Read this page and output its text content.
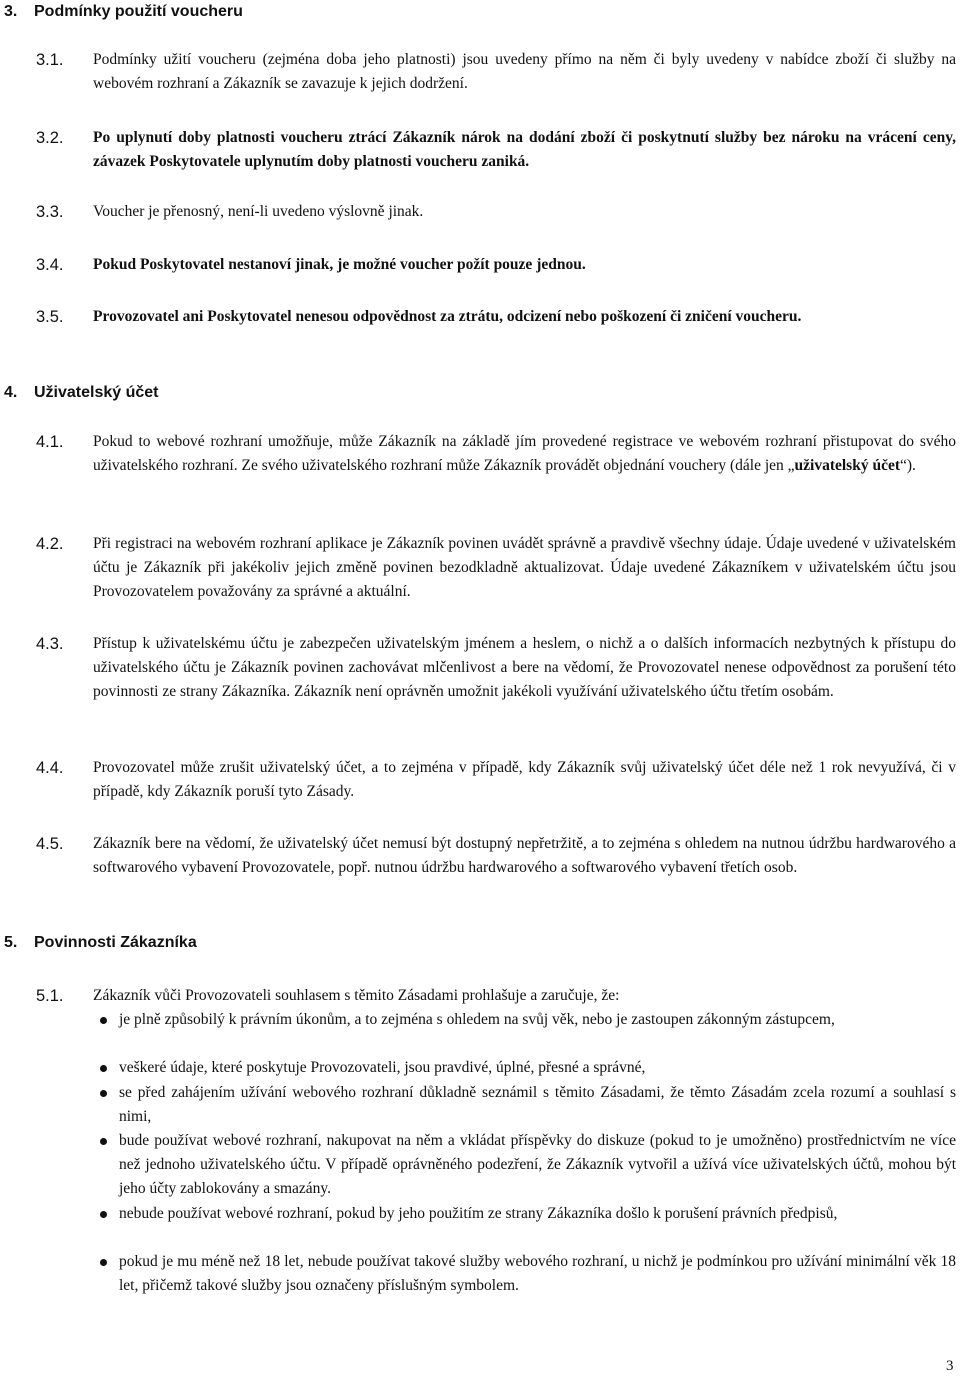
3. Podmínky použití voucheru
3.1. Podmínky užití voucheru (zejména doba jeho platnosti) jsou uvedeny přímo na něm či byly uvedeny v nabídce zboží či služby na webovém rozhraní a Zákazník se zavazuje k jejich dodržení.
3.2. Po uplynutí doby platnosti voucheru ztrácí Zákazník nárok na dodání zboží či poskytnutí služby bez nároku na vrácení ceny, závazek Poskytovatele uplynutím doby platnosti voucheru zaniká.
3.3. Voucher je přenosný, není-li uvedeno výslovně jinak.
3.4. Pokud Poskytovatel nestanoví jinak, je možné voucher požít pouze jednou.
3.5. Provozovatel ani Poskytovatel nenesou odpovědnost za ztrátu, odcizení nebo poškození či zničení voucheru.
4. Uživatelský účet
4.1. Pokud to webové rozhraní umožňuje, může Zákazník na základě jím provedené registrace ve webovém rozhraní přistupovat do svého uživatelského rozhraní. Ze svého uživatelského rozhraní může Zákazník provádět objednání vouchery (dále jen „uživatelský účet“).
4.2. Při registraci na webovém rozhraní aplikace je Zákazník povinen uvádět správně a pravdivě všechny údaje. Údaje uvedené v uživatelském účtu je Zákazník při jakékoliv jejich změně povinen bezodkladně aktualizovat. Údaje uvedené Zákazníkem v uživatelském účtu jsou Provozovatelem považovány za správné a aktuální.
4.3. Přístup k uživatelskému účtu je zabezpečen uživatelským jménem a heslem, o nichž a o dalších informacích nezbytných k přístupu do uživatelského účtu je Zákazník povinen zachovávat mlčenlivost a bere na vědomí, že Provozovatel nenese odpovědnost za porušení této povinnosti ze strany Zákazníka. Zákazník není oprávněn umožnit jakékoli využívání uživatelského účtu třetím osobám.
4.4. Provozovatel může zrušit uživatelský účet, a to zejména v případě, kdy Zákazník svůj uživatelský účet déle než 1 rok nevyužívá, či v případě, kdy Zákazník poruší tyto Zásady.
4.5. Zákazník bere na vědomí, že uživatelský účet nemusí být dostupný nepřetržitě, a to zejména s ohledem na nutnou údržbu hardwarového a softwarového vybavení Provozovatele, popř. nutnou údržbu hardwarového a softwarového vybavení třetích osob.
5. Povinnosti Zákazníka
5.1. Zákazník vůči Provozovateli souhlasem s těmito Zásadami prohlašuje a zaručuje, že:
je plně způsobilý k právním úkonům, a to zejména s ohledem na svůj věk, nebo je zastoupen zákonným zástupcem,
veškeré údaje, které poskytuje Provozovateli, jsou pravdivé, úplné, přesné a správné,
se před zahájením užívání webového rozhraní důkladně seznámil s těmito Zásadami, že těmto Zásadám zcela rozumí a souhlasí s nimi,
bude používat webové rozhraní, nakupovat na něm a vkládat příspěvky do diskuze (pokud to je umožněno) prostřednictvím ne více než jednoho uživatelského účtu. V případě oprávněného podezření, že Zákazník vytvořil a užívá více uživatelských účtů, mohou být jeho účty zablokovány a smazány.
nebude používat webové rozhraní, pokud by jeho použitím ze strany Zákazníka došlo k porušení právních předpisů,
pokud je mu méně než 18 let, nebude používat takové služby webového rozhraní, u nichž je podmínkou pro užívání minimální věk 18 let, přičemž takové služby jsou označeny příslušným symbolem.
3
